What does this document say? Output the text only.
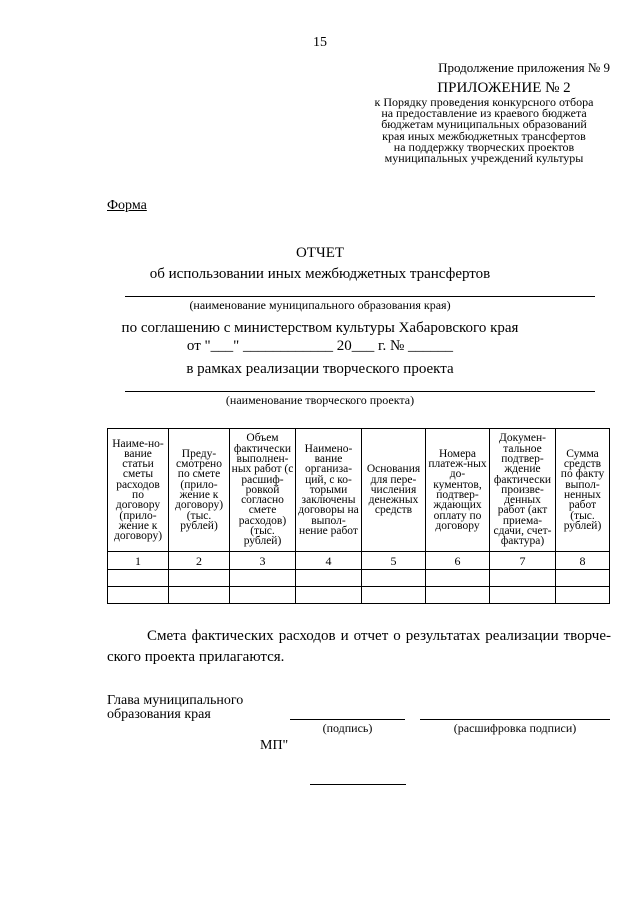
15
Продолжение приложения № 9
ПРИЛОЖЕНИЕ № 2
к Порядку проведения конкурсного отбора
на предоставление из краевого бюджета
бюджетам муниципальных образований
края иных межбюджетных трансфертов
на поддержку творческих проектов
муниципальных учреждений культуры
Форма
ОТЧЕТ
об использовании иных межбюджетных трансфертов
(наименование муниципального образования края)
по соглашению с министерством культуры Хабаровского края
от "___" ____________ 20___ г. № ______
в рамках реализации творческого проекта
(наименование творческого проекта)
Наиме-но-вание статьи сметы расходов по договору (прило-жение к договору)	Преду-смотрено по смете (прило-жение к договору) (тыс. рублей)	Объем фактически выполнен-ных работ (с расшиф-ровкой согласно смете расходов) (тыс. рублей)	Наимено-вание организа-ций, с ко-торыми заключены договоры на выпол-нение работ	Основания для пере-числения денежных средств	Номера платеж-ных до-кументов, подтвер-ждающих оплату по договору	Докумен-тальное подтвер-ждение фактически произве-денных работ (акт приема-сдачи, счет-фактура)	Сумма средств по факту выпол-ненных работ (тыс. рублей)
1	2	3	4	5	6	7	8

Смета фактических расходов и отчет о результатах реализации творче-ского проекта прилагаются.
Глава муниципального
образования края
(подпись)	(расшифровка подписи)
МП"
